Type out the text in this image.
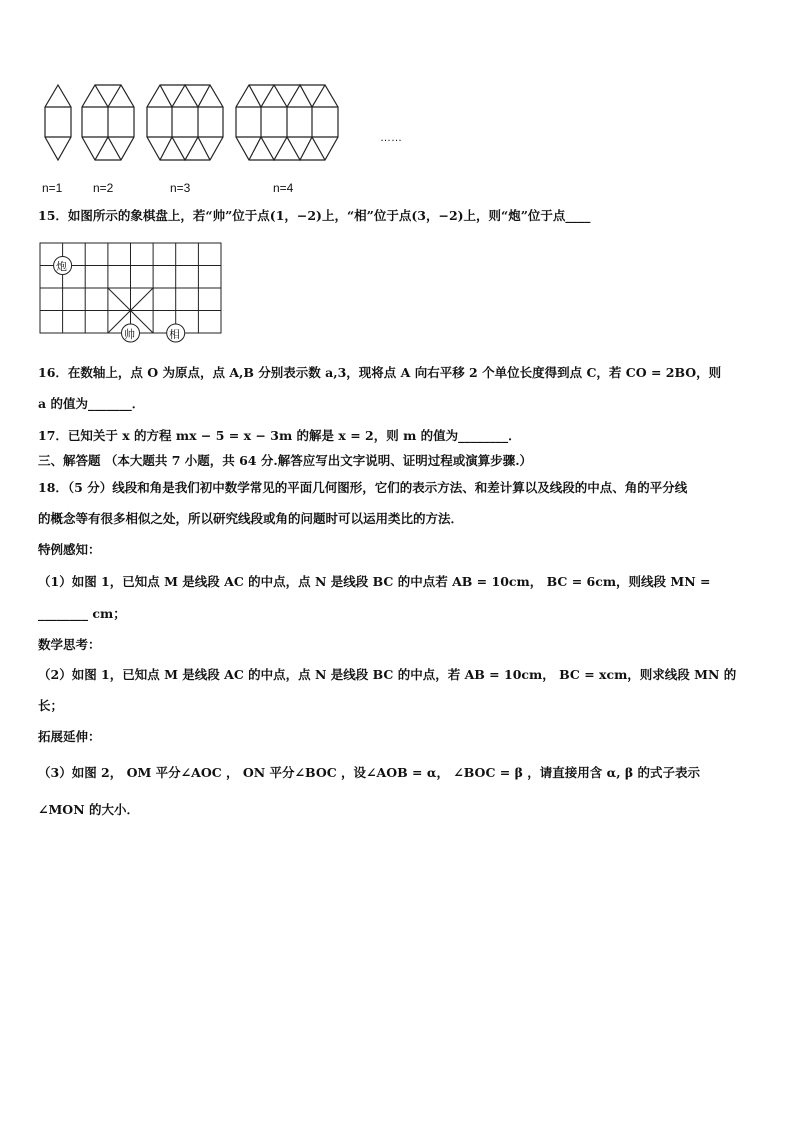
……
n=1	n=2	n=3	n=4
15．如图所示的象棋盘上，若“帅”位于点(1，−2)上，“相”位于点(3，−2)上，则“炮”位于点____
炮
帅	相
16．在数轴上，点 O 为原点，点 A,B 分别表示数 a,3，现将点 A 向右平移 2 个单位长度得到点 C，若 CO = 2BO，则
a 的值为_______．
17．已知关于 x 的方程 mx − 5 = x − 3m 的解是 x = 2，则 m 的值为________．
三、解答题 （本大题共 7 小题，共 64 分.解答应写出文字说明、证明过程或演算步骤.）
18．（5 分）线段和角是我们初中数学常见的平面几何图形，它们的表示方法、和差计算以及线段的中点、角的平分线
的概念等有很多相似之处，所以研究线段或角的问题时可以运用类比的方法．
特例感知：
（1）如图 1，已知点 M 是线段 AC 的中点，点 N 是线段 BC 的中点若 AB = 10cm， BC = 6cm，则线段 MN =
________ cm；
数学思考：
（2）如图 1，已知点 M 是线段 AC 的中点，点 N 是线段 BC 的中点，若 AB = 10cm， BC = xcm，则求线段 MN 的
长；
拓展延伸：
（3）如图 2， OM 平分∠AOC ， ON 平分∠BOC ，设∠AOB = α， ∠BOC = β ，请直接用含 α, β 的式子表示
∠MON 的大小．
